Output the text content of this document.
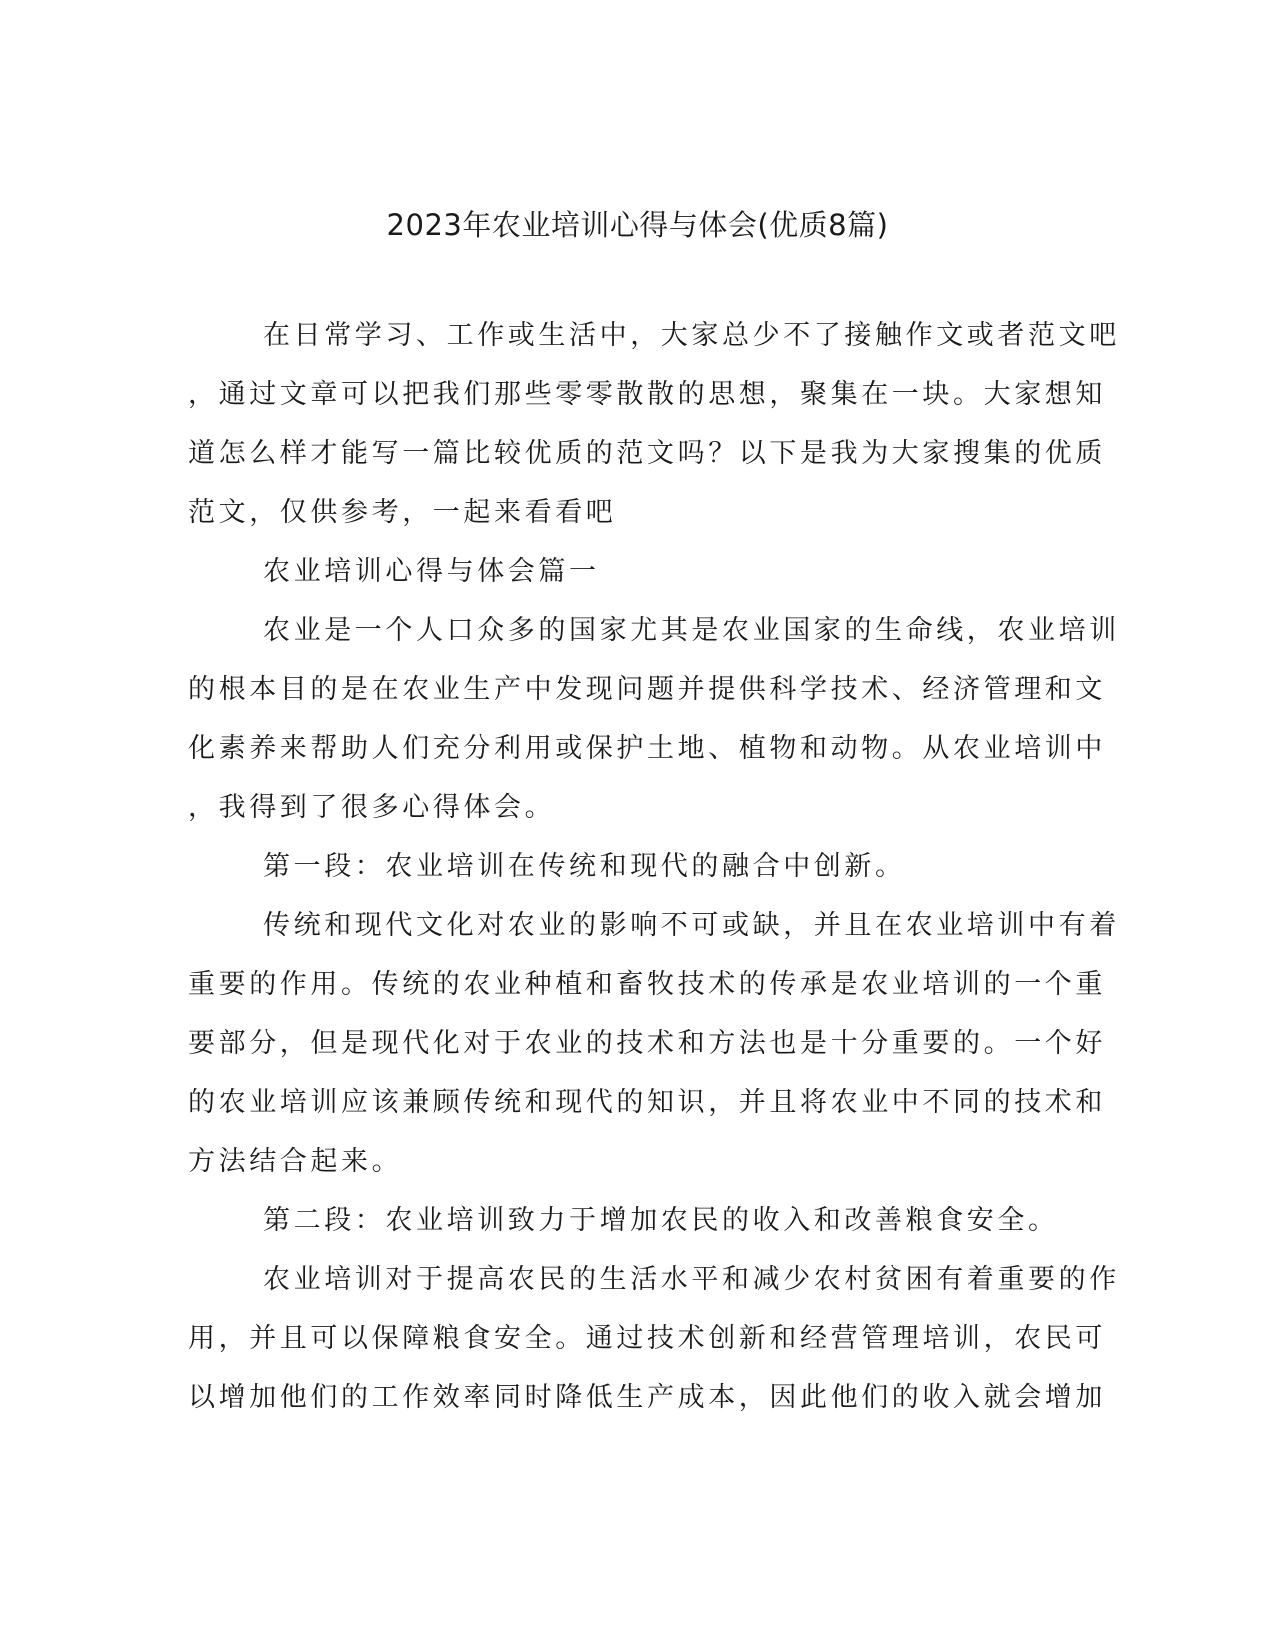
2023年农业培训心得与体会(优质8篇)

在日常学习、工作或生活中，大家总少不了接触作文或者范文吧

，通过文章可以把我们那些零零散散的思想，聚集在一块。大家想知

道怎么样才能写一篇比较优质的范文吗？以下是我为大家搜集的优质

范文，仅供参考，一起来看看吧

农业培训心得与体会篇一

农业是一个人口众多的国家尤其是农业国家的生命线，农业培训

的根本目的是在农业生产中发现问题并提供科学技术、经济管理和文

化素养来帮助人们充分利用或保护土地、植物和动物。从农业培训中

，我得到了很多心得体会。

第一段：农业培训在传统和现代的融合中创新。

传统和现代文化对农业的影响不可或缺，并且在农业培训中有着

重要的作用。传统的农业种植和畜牧技术的传承是农业培训的一个重

要部分，但是现代化对于农业的技术和方法也是十分重要的。一个好

的农业培训应该兼顾传统和现代的知识，并且将农业中不同的技术和

方法结合起来。

第二段：农业培训致力于增加农民的收入和改善粮食安全。

农业培训对于提高农民的生活水平和减少农村贫困有着重要的作

用，并且可以保障粮食安全。通过技术创新和经营管理培训，农民可

以增加他们的工作效率同时降低生产成本，因此他们的收入就会增加
